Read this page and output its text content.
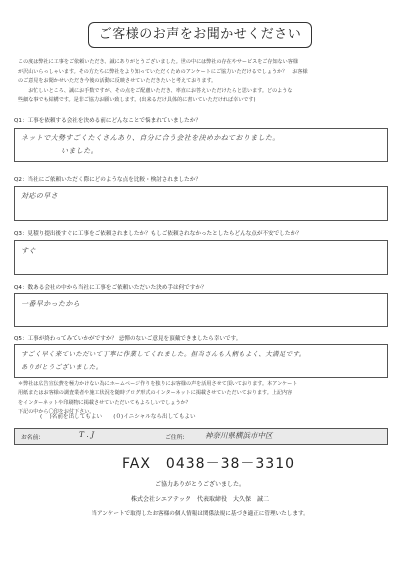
ご客様のお声をお聞かせください
この度は弊社に工事をご依頼いただき、誠にありがとうございました。世の中には弊社の存在やサービスをご存知ない客様
が沢山いらっしゃいます。その方たちに弊社をより知っていただくためのアンケートにご協力いただけるでしょうか？　お客様
のご意見をお聞かせいただき今後の活動に反映させていただきたいと考えております。
　　お忙しいところ、誠にお手数ですが、その点をご配慮いただき、率直にお答えいただけたらと思います。どのような
些細な事でも結構です。是非ご協力お願い致します。(出来るだけ具体的に書いていただければ幸いです)
Q1：工事を依頼する会社を決める前にどんなことで悩まれていましたか？
ネットで大勢すごくたくさんあり、自分に合う会社を決めかねておりました。
いました。
Q2：当社にご依頼いただく際にどのような点を比較・検討されましたか？
対応の早さ
Q3：見積り提出後すぐに工事をご依頼されましたか？もしご依頼されなかったとしたらどんな点が不安でしたか？
すぐ
Q4：数ある会社の中から当社に工事をご依頼いただいた決め手は何ですか？
一番早かったから
Q5：工事が終わってみていかがですか？ 忌憚のないご意見を頂戴できましたら幸いです。
すごく早く来ていただいて丁寧に作業してくれました。担当さんも人柄もよく、大満足です。
ありがとうございました。
＊弊社は広告宣伝費を極力かけない為にホームページ作りを独りにお客様の声を活用させて頂いております。本アンケート
用紙またはお客様の調査業者や施工状況を随時ブログ形式のインターネットに掲載させていただいております。上記内容
をインターネットや印刷物に掲載させていただいてもよろしいでしょうか？
下記の中から〇印をお付下さい。
(　 )名前を出してもよい　　(０)イニシャルなら出してもよい
お名前:	T . J	ご住所:	神奈川県横浜市中区
FAX　0438－38－3310
ご協力ありがとうございました。
株式会社シエアテック　代表取締役　大久保　誠二
当アンケートで取得したお客様の個人情報は関係法規に基づき適正に管理いたします。
